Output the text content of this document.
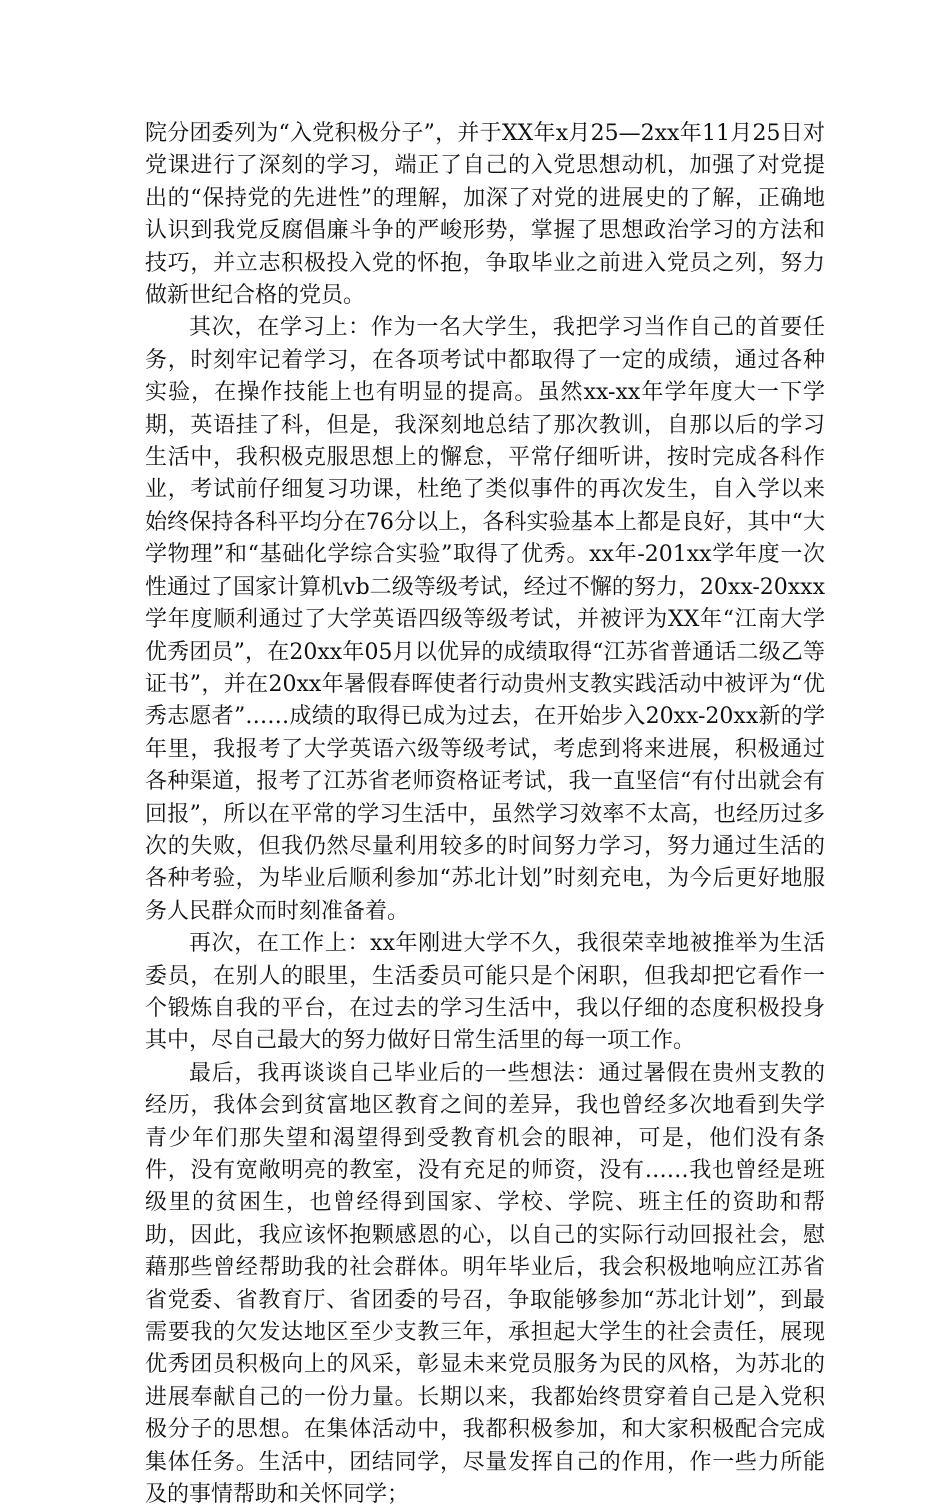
院分团委列为“入党积极分子”，并于XX年x月25—2xx年11月25日对党课进行了深刻的学习，端正了自己的入党思想动机，加强了对党提出的“保持党的先进性”的理解，加深了对党的进展史的了解，正确地认识到我党反腐倡廉斗争的严峻形势，掌握了思想政治学习的方法和技巧，并立志积极投入党的怀抱，争取毕业之前进入党员之列，努力做新世纪合格的党员。

其次，在学习上：作为一名大学生，我把学习当作自己的首要任务，时刻牢记着学习，在各项考试中都取得了一定的成绩，通过各种实验，在操作技能上也有明显的提高。虽然xx-xx年学年度大一下学期，英语挂了科，但是，我深刻地总结了那次教训，自那以后的学习生活中，我积极克服思想上的懈怠，平常仔细听讲，按时完成各科作业，考试前仔细复习功课，杜绝了类似事件的再次发生，自入学以来始终保持各科平均分在76分以上，各科实验基本上都是良好，其中“大学物理”和“基础化学综合实验”取得了优秀。xx年-201xx学年度一次性通过了国家计算机vb二级等级考试，经过不懈的努力，20xx-20xxx学年度顺利通过了大学英语四级等级考试，并被评为XX年“江南大学优秀团员”，在20xx年05月以优异的成绩取得“江苏省普通话二级乙等证书”，并在20xx年暑假春晖使者行动贵州支教实践活动中被评为“优秀志愿者”……成绩的取得已成为过去，在开始步入20xx-20xx新的学年里，我报考了大学英语六级等级考试，考虑到将来进展，积极通过各种渠道，报考了江苏省老师资格证考试，我一直坚信“有付出就会有回报”，所以在平常的学习生活中，虽然学习效率不太高，也经历过多次的失败，但我仍然尽量利用较多的时间努力学习，努力通过生活的各种考验，为毕业后顺利参加“苏北计划”时刻充电，为今后更好地服务人民群众而时刻准备着。

再次，在工作上：xx年刚进大学不久，我很荣幸地被推举为生活委员，在别人的眼里，生活委员可能只是个闲职，但我却把它看作一个锻炼自我的平台，在过去的学习生活中，我以仔细的态度积极投身其中，尽自己最大的努力做好日常生活里的每一项工作。

最后，我再谈谈自己毕业后的一些想法：通过暑假在贵州支教的经历，我体会到贫富地区教育之间的差异，我也曾经多次地看到失学青少年们那失望和渴望得到受教育机会的眼神，可是，他们没有条件，没有宽敞明亮的教室，没有充足的师资，没有……我也曾经是班级里的贫困生，也曾经得到国家、学校、学院、班主任的资助和帮助，因此，我应该怀抱颗感恩的心，以自己的实际行动回报社会，慰藉那些曾经帮助我的社会群体。明年毕业后，我会积极地响应江苏省省党委、省教育厅、省团委的号召，争取能够参加“苏北计划”，到最需要我的欠发达地区至少支教三年，承担起大学生的社会责任，展现优秀团员积极向上的风采，彰显未来党员服务为民的风格，为苏北的进展奉献自己的一份力量。长期以来，我都始终贯穿着自己是入党积极分子的思想。在集体活动中，我都积极参加，和大家积极配合完成集体任务。生活中，团结同学，尽量发挥自己的作用，作一些力所能及的事情帮助和关怀同学；
